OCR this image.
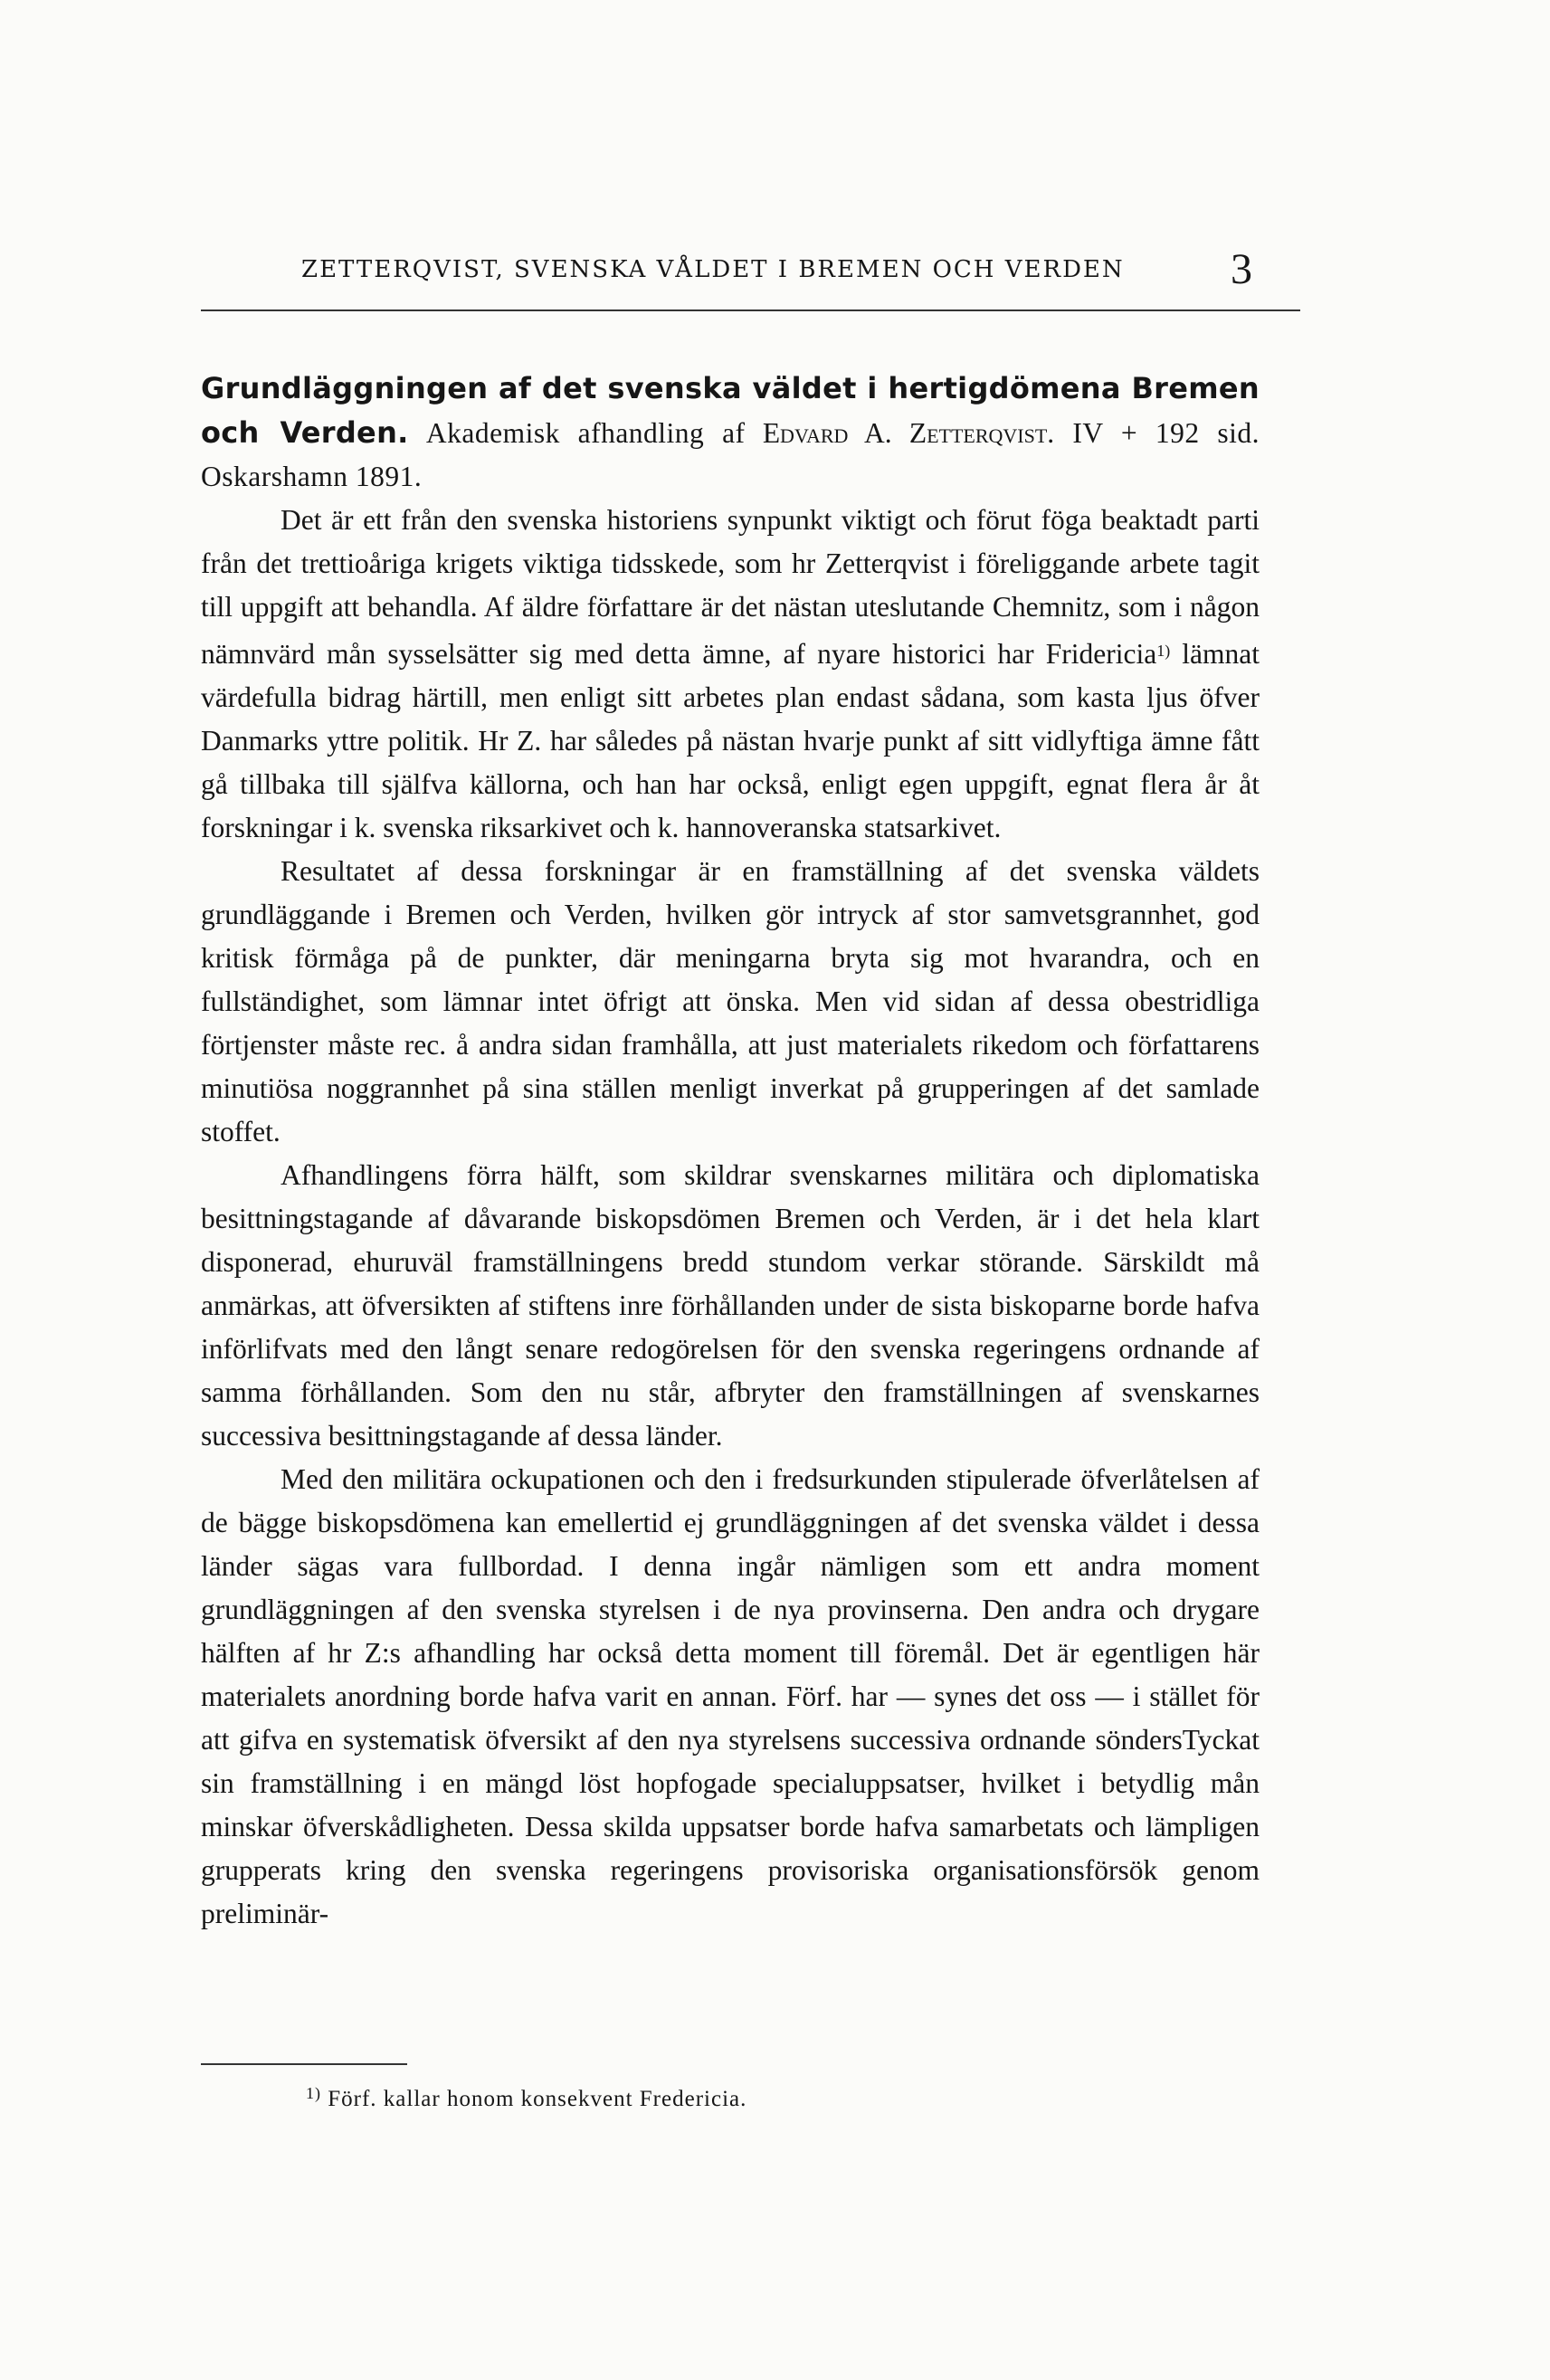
ZETTERQVIST, SVENSKA VÅLDET I BREMEN OCH VERDEN	3

Grundläggningen af det svenska väldet i hertigdömena Bremen och Verden. Akademisk afhandling af Edvard A. Zetterqvist. IV + 192 sid. Oskarshamn 1891.

Det är ett från den svenska historiens synpunkt viktigt och förut föga beaktadt parti från det trettioåriga krigets viktiga tidsskede, som hr Zetterqvist i föreliggande arbete tagit till uppgift att behandla. Af äldre författare är det nästan uteslutande Chemnitz, som i någon nämnvärd mån sysselsätter sig med detta ämne, af nyare historici har Fridericia$^{1)}$ lämnat värdefulla bidrag härtill, men enligt sitt arbetes plan endast sådana, som kasta ljus öfver Danmarks yttre politik. Hr Z. har således på nästan hvarje punkt af sitt vidlyftiga ämne fått gå tillbaka till själfva källorna, och han har också, enligt egen uppgift, egnat flera år åt forskningar i k. svenska riksarkivet och k. hannoveranska statsarkivet.

Resultatet af dessa forskningar är en framställning af det svenska väldets grundläggande i Bremen och Verden, hvilken gör intryck af stor samvetsgrannhet, god kritisk förmåga på de punkter, där meningarna bryta sig mot hvarandra, och en fullständighet, som lämnar intet öfrigt att önska. Men vid sidan af dessa obestridliga förtjenster måste rec. å andra sidan framhålla, att just materialets rikedom och författarens minutiösa noggrannhet på sina ställen menligt inverkat på grupperingen af det samlade stoffet.

Afhandlingens förra hälft, som skildrar svenskarnes militära och diplomatiska besittningstagande af dåvarande biskopsdömen Bremen och Verden, är i det hela klart disponerad, ehuruväl framställningens bredd stundom verkar störande. Särskildt må anmärkas, att öfversikten af stiftens inre förhållanden under de sista biskoparne borde hafva införlifvats med den långt senare redogörelsen för den svenska regeringens ordnande af samma förhållanden. Som den nu står, afbryter den framställningen af svenskarnes successiva besittningstagande af dessa länder.

Med den militära ockupationen och den i fredsurkunden stipulerade öfverlåtelsen af de bägge biskopsdömena kan emellertid ej grundläggningen af det svenska väldet i dessa länder sägas vara fullbordad. I denna ingår nämligen som ett andra moment grundläggningen af den svenska styrelsen i de nya provinserna. Den andra och drygare hälften af hr Z:s afhandling har också detta moment till föremål. Det är egentligen här materialets anordning borde hafva varit en annan. Förf. har — synes det oss — i stället för att gifva en systematisk öfversikt af den nya styrelsens successiva ordnande söndersTyckat sin framställning i en mängd löst hopfogade specialuppsatser, hvilket i betydlig mån minskar öfverskådligheten. Dessa skilda uppsatser borde hafva samarbetats och lämpligen grupperats kring den svenska regeringens provisoriska organisationsförsök genom preliminär-

$^{1)}$ Förf. kallar honom konsekvent Fredericia.
